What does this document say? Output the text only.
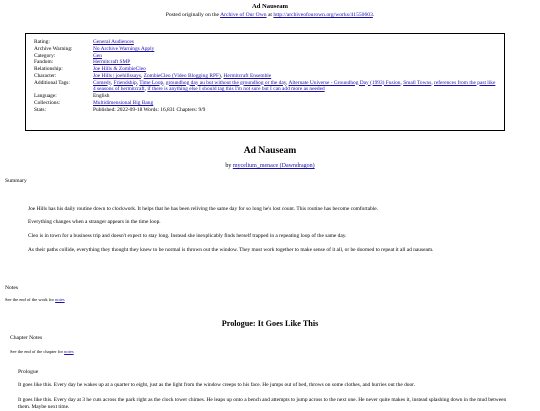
Ad Nauseam
Posted originally on the Archive of Our Own at http://archiveofourown.org/works/41550603.
Rating:	General Audiences
Archive Warning:	No Archive Warnings Apply
Category:	Gen
Fandom:	Hermitcraft SMP
Relationship:	Joe Hills & ZombieCleo
Character:	Joe Hills | joehillssays, ZombieCleo (Video Blogging RPF), Hermitcraft Ensemble
Additional Tags:	Comedy, Friendship, Time Loop, groundhog day au but without the groundhog or the day, Alternate Universe - Groundhog Day (1993) Fusion, Small Towns, references from the past like 4 seasons of hermitcraft, if there is anything else I should tag this I'm not sure but I can add more as needed
Language:	English
Collections:	Multidimensional Big Bang
Stats:	Published: 2022-09-18 Words: 16,831 Chapters: 9/9
Ad Nauseam
by mycelium_menace (Dawndragon)
Summary
Joe Hills has his daily routine down to clockwork. It helps that he has been reliving the same day for so long he's lost count. This routine has become comfortable.
Everything changes when a stranger appears in the time loop.
Cleo is in town for a business trip and doesn't expect to stay long. Instead she inexplicably finds herself trapped in a repeating loop of the same day.
As their paths collide, everything they thought they knew to be normal is thrown out the window. They must work together to make sense of it all, or be doomed to repeat it all ad nauseam.
Notes
See the end of the work for notes
Prologue: It Goes Like This
Chapter Notes
See the end of the chapter for notes
Prologue
It goes like this. Every day he wakes up at a quarter to eight, just as the light from the window creeps to his face. He jumps out of bed, throws on some clothes, and hurries out the door.
It goes like this. Every day at 3 he cuts across the park right as the clock tower chimes. He leaps up onto a bench and attempts to jump across to the next one. He never quite makes it, instead splashing down in the mud between them. Maybe next time.
